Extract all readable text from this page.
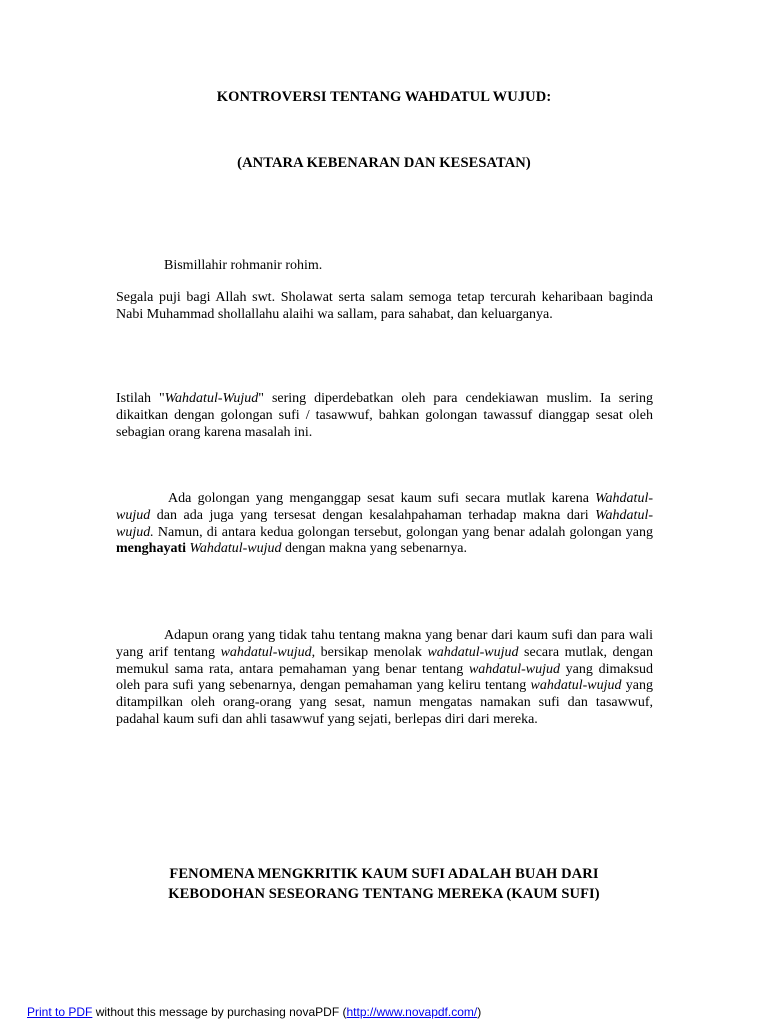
KONTROVERSI TENTANG WAHDATUL WUJUD:
(ANTARA KEBENARAN DAN KESESATAN)

Bismillahir rohmanir rohim.

Segala puji bagi Allah swt. Sholawat serta salam semoga tetap tercurah keharibaan baginda Nabi Muhammad shollallahu alaihi wa sallam, para sahabat, dan keluarganya.

Istilah "Wahdatul-Wujud" sering diperdebatkan oleh para cendekiawan muslim. Ia sering dikaitkan dengan golongan sufi / tasawwuf, bahkan golongan tawassuf dianggap sesat oleh sebagian orang karena masalah ini.

Ada golongan yang menganggap sesat kaum sufi secara mutlak karena Wahdatul-wujud dan ada juga yang tersesat dengan kesalahpahaman terhadap makna dari Wahdatul-wujud. Namun, di antara kedua golongan tersebut, golongan yang benar adalah golongan yang menghayati Wahdatul-wujud dengan makna yang sebenarnya.

Adapun orang yang tidak tahu tentang makna yang benar dari kaum sufi dan para wali yang arif tentang wahdatul-wujud, bersikap menolak wahdatul-wujud secara mutlak, dengan memukul sama rata, antara pemahaman yang benar tentang wahdatul-wujud yang dimaksud oleh para sufi yang sebenarnya, dengan pemahaman yang keliru tentang wahdatul-wujud yang ditampilkan oleh orang-orang yang sesat, namun mengatas namakan sufi dan tasawwuf, padahal kaum sufi dan ahli tasawwuf yang sejati, berlepas diri dari mereka.

FENOMENA MENGKRITIK KAUM SUFI ADALAH BUAH DARI
KEBODOHAN SESEORANG TENTANG MEREKA (KAUM SUFI)

Print to PDF without this message by purchasing novaPDF (http://www.novapdf.com/)
